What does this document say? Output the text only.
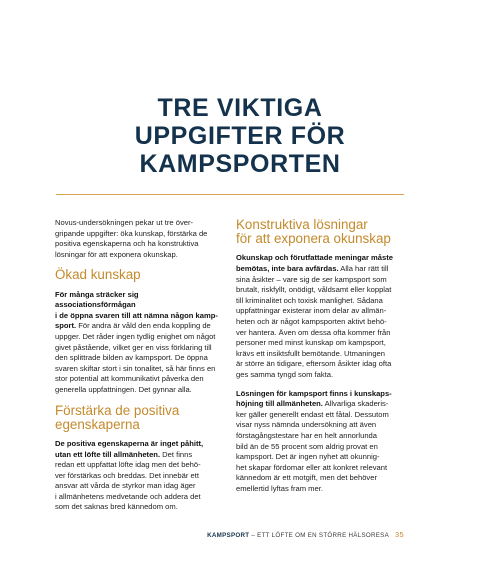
TRE VIKTIGA
UPPGIFTER FÖR
KAMPSPORTEN

Novus-undersökningen pekar ut tre över-
gripande uppgifter: öka kunskap, förstärka de
positiva egenskaperna och ha konstruktiva
lösningar för att exponera okunskap.

Ökad kunskap

För många sträcker sig associationsförmågan
i de öppna svaren till att nämna någon kamp-
sport. För andra är våld den enda koppling de
uppger. Det råder ingen tydlig enighet om något
givet påstående, vilket ger en viss förklaring till
den splittrade bilden av kampsport. De öppna
svaren skiftar stort i sin tonalitet, så här finns en
stor potential att kommunikativt påverka den
generella uppfattningen. Det gynnar alla.

Förstärka de positiva
egenskaperna

De positiva egenskaperna är inget påhitt,
utan ett löfte till allmänheten. Det finns
redan ett uppfattat löfte idag men det behö-
ver förstärkas och breddas. Det innebär ett
ansvar att vårda de styrkor man idag äger
i allmänhetens medvetande och addera det
som det saknas bred kännedom om.

Konstruktiva lösningar
för att exponera okunskap

Okunskap och förutfattade meningar måste
bemötas, inte bara avfärdas. Alla har rätt till
sina åsikter – vare sig de ser kampsport som
brutalt, riskfyllt, onödigt, våldsamt eller kopplat
till kriminalitet och toxisk manlighet. Sådana
uppfattningar existerar inom delar av allmän-
heten och är något kampsporten aktivt behö-
ver hantera. Även om dessa ofta kommer från
personer med minst kunskap om kampsport,
krävs ett insiktsfullt bemötande. Utmaningen
är större än tidigare, eftersom åsikter idag ofta
ges samma tyngd som fakta.

Lösningen för kampsport finns i kunskaps-
höjning till allmänheten. Allvarliga skaderis-
ker gäller generellt endast ett fåtal. Dessutom
visar nyss nämnda undersökning att även
förstagångstestare har en helt annorlunda
bild än de 55 procent som aldrig provat en
kampsport. Det är ingen nyhet att okunnig-
het skapar fördomar eller att konkret relevant
kännedom är ett motgift, men det behöver
emellertid lyftas fram mer.

KAMPSPORT – ETT LÖFTE OM EN STÖRRE HÄLSORESA 35
